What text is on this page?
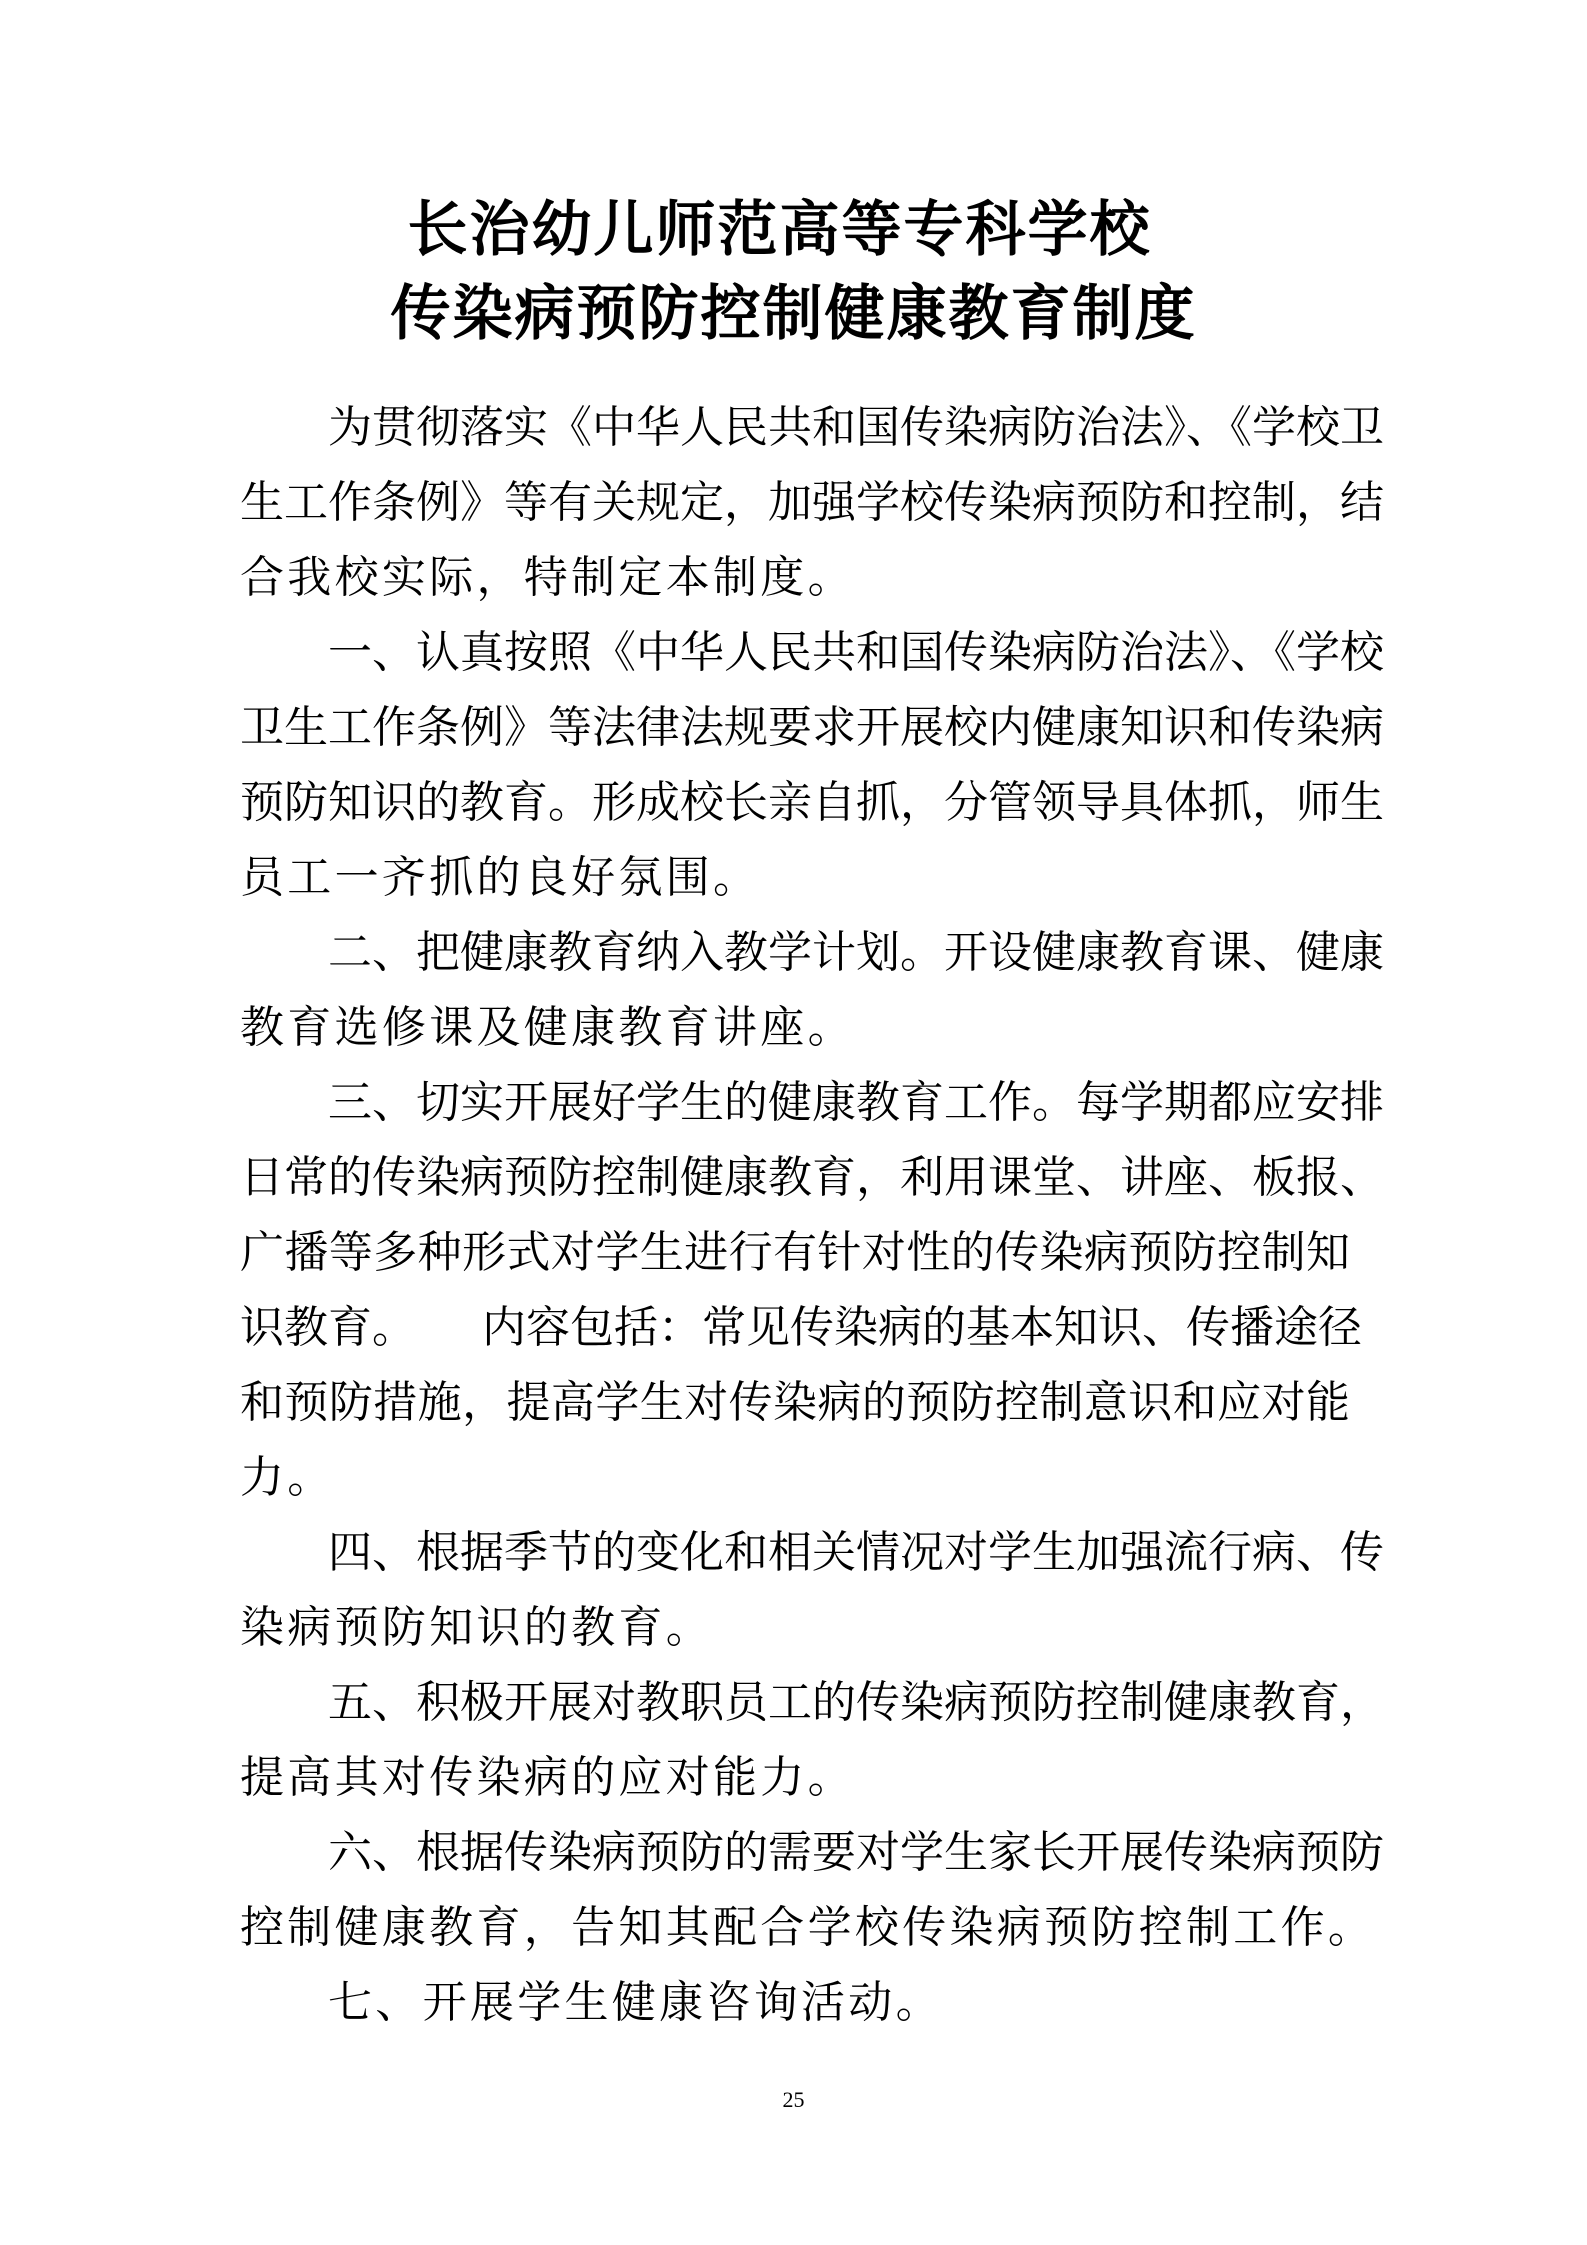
长治幼儿师范高等专科学校
传染病预防控制健康教育制度
为贯彻落实《中华人民共和国传染病防治法》、《学校卫
生工作条例》等有关规定，加强学校传染病预防和控制，结
合我校实际，特制定本制度。
一、认真按照《中华人民共和国传染病防治法》、《学校
卫生工作条例》等法律法规要求开展校内健康知识和传染病
预防知识的教育。形成校长亲自抓，分管领导具体抓，师生
员工一齐抓的良好氛围。
二、把健康教育纳入教学计划。开设健康教育课、健康
教育选修课及健康教育讲座。
三、切实开展好学生的健康教育工作。每学期都应安排
日常的传染病预防控制健康教育，利用课堂、讲座、板报、
广播等多种形式对学生进行有针对性的传染病预防控制知
识教育。　　内容包括：常见传染病的基本知识、传播途径
和预防措施，提高学生对传染病的预防控制意识和应对能
力。
四、根据季节的变化和相关情况对学生加强流行病、传
染病预防知识的教育。
五、积极开展对教职员工的传染病预防控制健康教育，
提高其对传染病的应对能力。
六、根据传染病预防的需要对学生家长开展传染病预防
控制健康教育，告知其配合学校传染病预防控制工作。
七、开展学生健康咨询活动。
25
